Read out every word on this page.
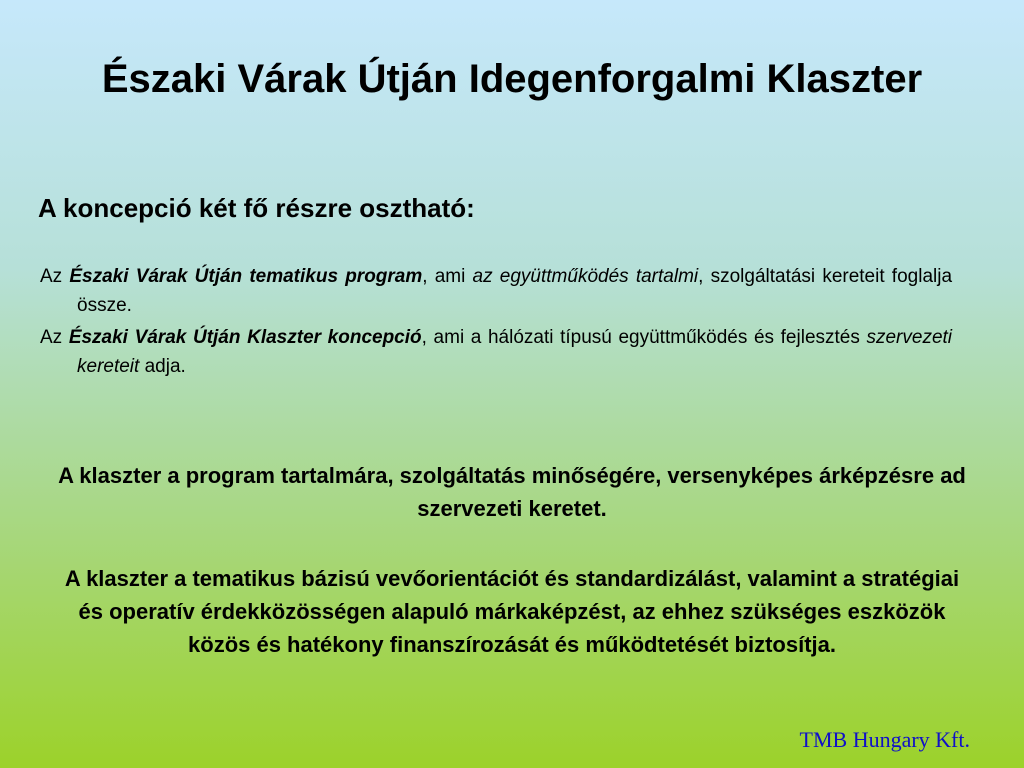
Északi Várak Útján Idegenforgalmi Klaszter
A koncepció két fő részre osztható:
Az Északi Várak Útján tematikus program, ami az együttműködés tartalmi, szolgáltatási kereteit foglalja össze.
Az Északi Várak Útján Klaszter koncepció, ami a hálózati típusú együttműködés és fejlesztés szervezeti kereteit adja.
A klaszter a program tartalmára, szolgáltatás minőségére, versenyképes árképzésre ad szervezeti keretet.
A klaszter a tematikus bázisú vevőorientációt és standardizálást, valamint a stratégiai és operatív érdekközösségen alapuló márkaképzést, az ehhez szükséges eszközök közös és hatékony finanszírozását és működtetését biztosítja.
TMB Hungary Kft.
